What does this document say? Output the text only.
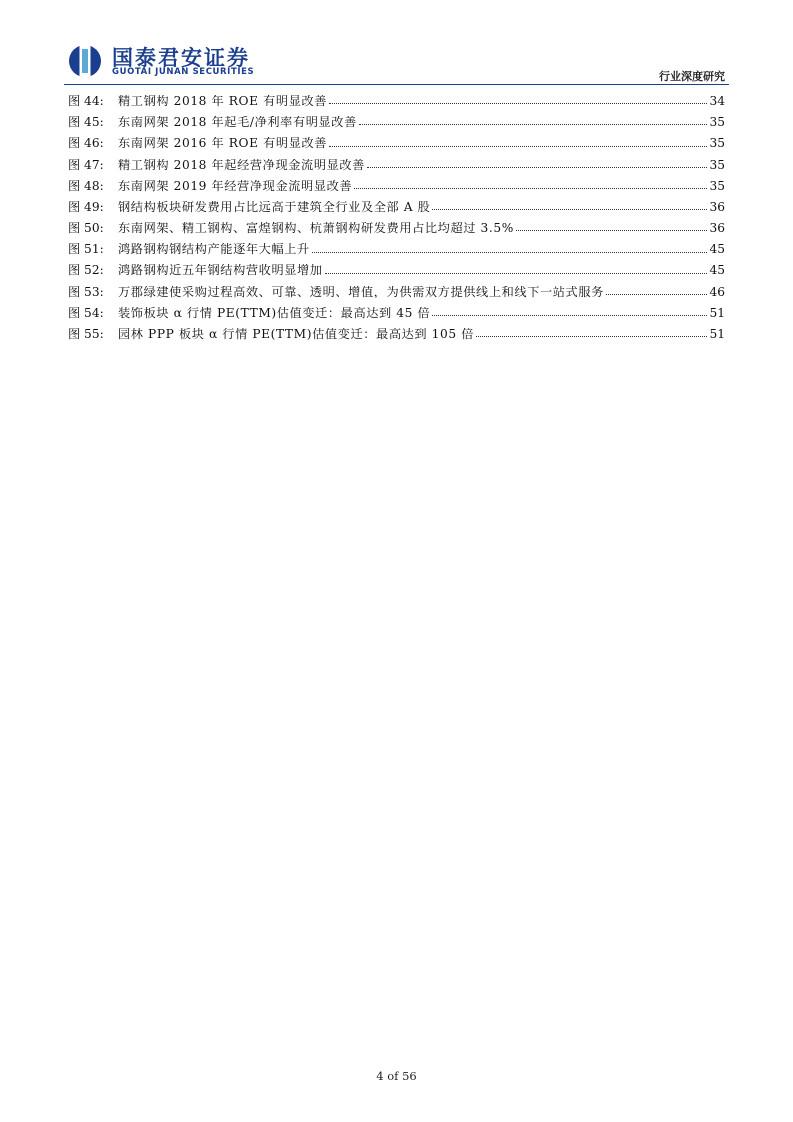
国泰君安证券
GUOTAI JUNAN SECURITIES	行业深度研究
图 44:	精工钢构 2018 年 ROE 有明显改善	34
图 45:	东南网架 2018 年起毛/净利率有明显改善	35
图 46:	东南网架 2016 年 ROE 有明显改善	35
图 47:	精工钢构 2018 年起经营净现金流明显改善	35
图 48:	东南网架 2019 年经营净现金流明显改善	35
图 49:	钢结构板块研发费用占比远高于建筑全行业及全部 A 股	36
图 50:	东南网架、精工钢构、富煌钢构、杭萧钢构研发费用占比均超过 3.5%	36
图 51:	鸿路钢构钢结构产能逐年大幅上升	45
图 52:	鸿路钢构近五年钢结构营收明显增加	45
图 53:	万郡绿建使采购过程高效、可靠、透明、增值，为供需双方提供线上和线下一站式服务	46
图 54:	装饰板块 α 行情 PE(TTM)估值变迁：最高达到 45 倍	51
图 55:	园林 PPP 板块 α 行情 PE(TTM)估值变迁：最高达到 105 倍	51
4 of 56
